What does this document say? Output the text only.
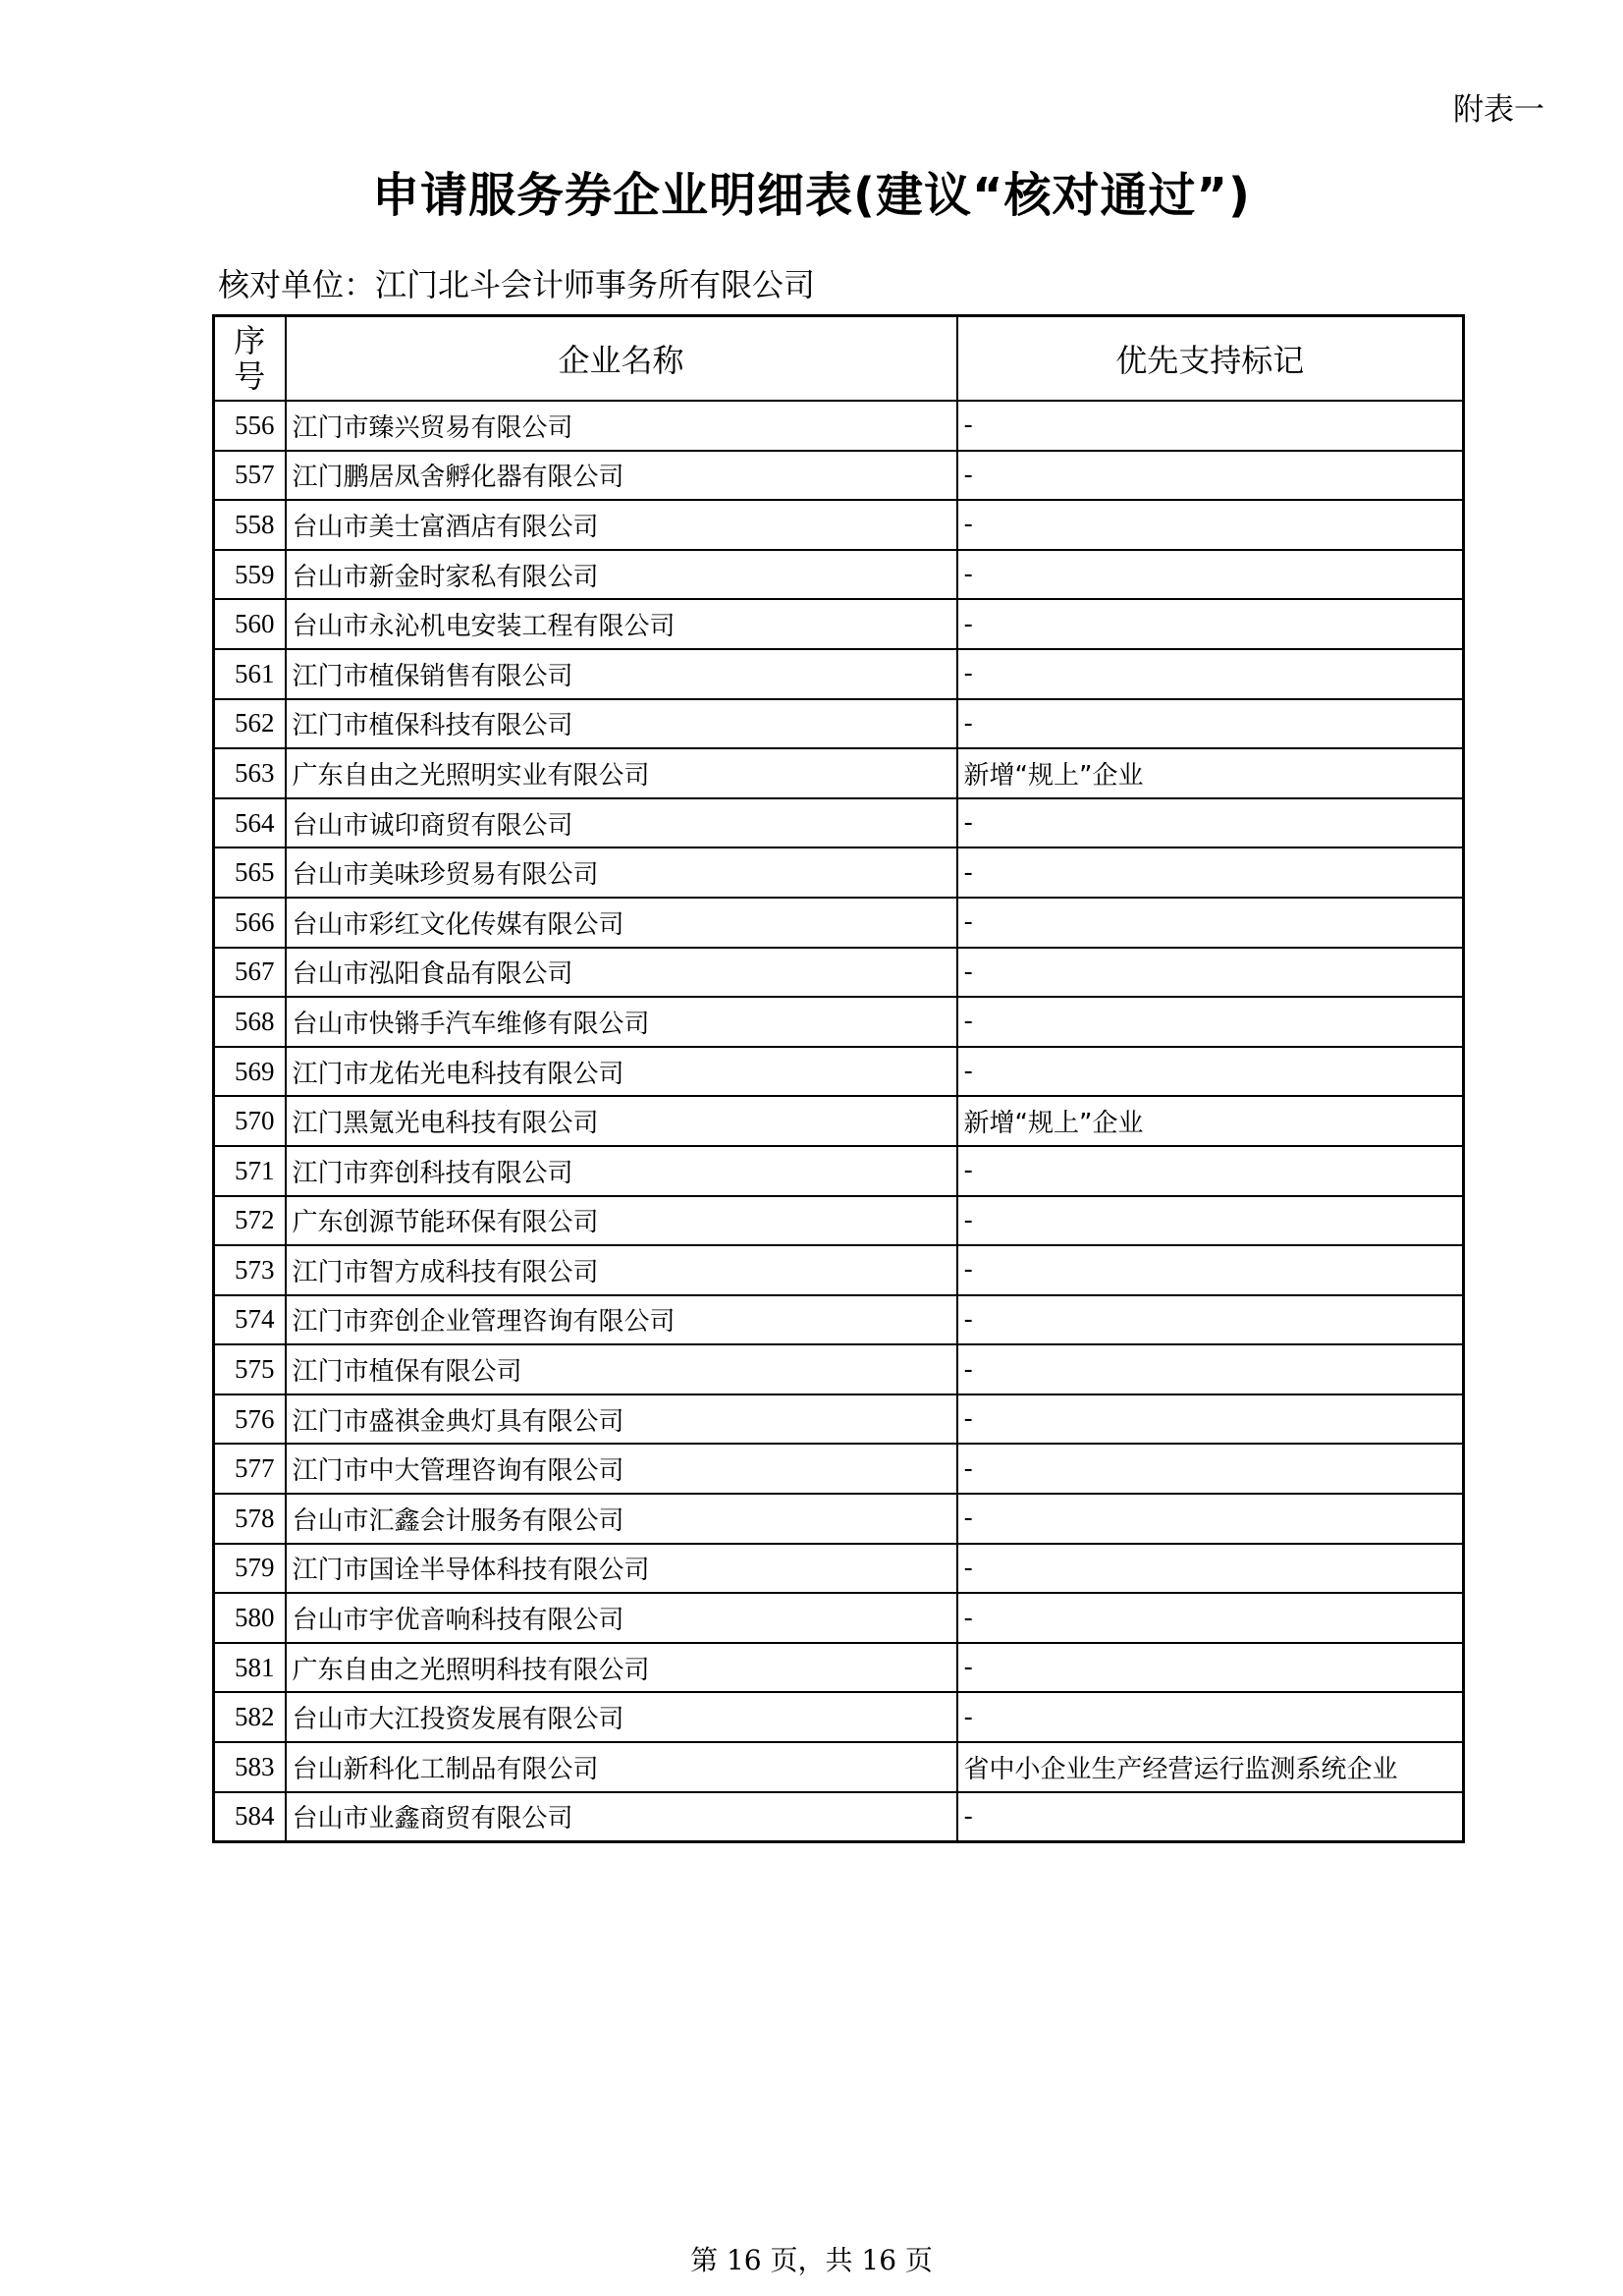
附表一
申请服务券企业明细表(建议“核对通过”)
核对单位：江门北斗会计师事务所有限公司
序
号	企业名称	优先支持标记
556	江门市臻兴贸易有限公司	-
557	江门鹏居凤舍孵化器有限公司	-
558	台山市美士富酒店有限公司	-
559	台山市新金时家私有限公司	-
560	台山市永沁机电安装工程有限公司	-
561	江门市植保销售有限公司	-
562	江门市植保科技有限公司	-
563	广东自由之光照明实业有限公司	新增“规上”企业
564	台山市诚印商贸有限公司	-
565	台山市美味珍贸易有限公司	-
566	台山市彩红文化传媒有限公司	-
567	台山市泓阳食品有限公司	-
568	台山市快锵手汽车维修有限公司	-
569	江门市龙佑光电科技有限公司	-
570	江门黑氪光电科技有限公司	新增“规上”企业
571	江门市弈创科技有限公司	-
572	广东创源节能环保有限公司	-
573	江门市智方成科技有限公司	-
574	江门市弈创企业管理咨询有限公司	-
575	江门市植保有限公司	-
576	江门市盛祺金典灯具有限公司	-
577	江门市中大管理咨询有限公司	-
578	台山市汇鑫会计服务有限公司	-
579	江门市国诠半导体科技有限公司	-
580	台山市宇优音响科技有限公司	-
581	广东自由之光照明科技有限公司	-
582	台山市大江投资发展有限公司	-
583	台山新科化工制品有限公司	省中小企业生产经营运行监测系统企业
584	台山市业鑫商贸有限公司	-
第 16 页，共 16 页
